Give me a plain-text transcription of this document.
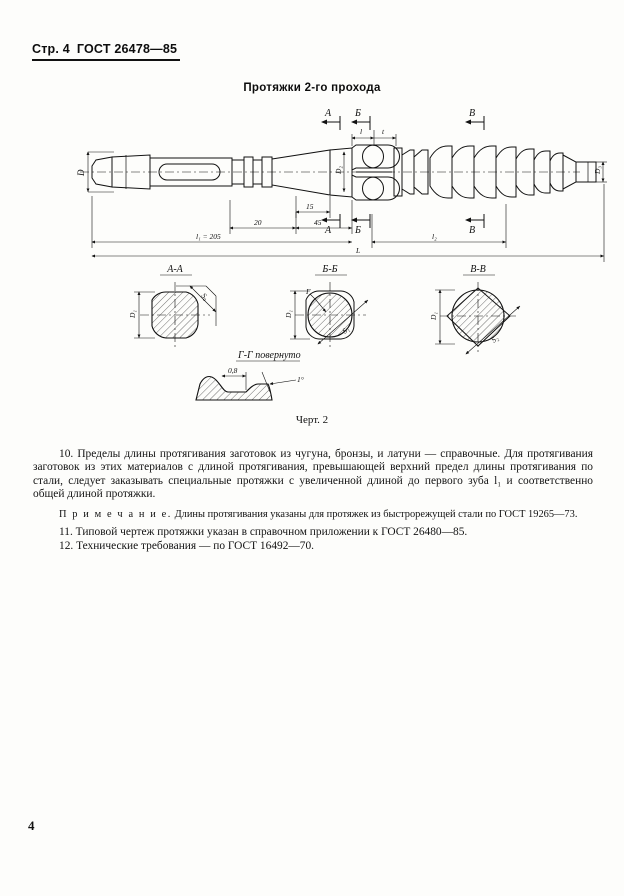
Стр. 4 ГОСТ 26478—85
Протяжки 2-го прохода
D	D₂	D₃
А
А
Б
Б
В
В
l	t
15
20	45
l₁ = 205	l₂
L
А-А
S₀
D₁
Б-Б
Г
S₁
D₁
В-В
S₂
D₁
Г-Г повернуто
0,8
1°
Черт. 2

10. Пределы длины протягивания заготовок из чугуна, бронзы, и латуни — справочные. Для протягивания заготовок из этих материалов с длиной протягивания, превышающей верхний предел длины протягивания по стали, следует заказывать специальные протяжки с увеличенной длиной до первого зуба l₁ и соответственно общей длиной протяжки.

П р и м е ч а н и е. Длины протягивания указаны для протяжек из быстрорежущей стали по ГОСТ 19265—73.

11. Типовой чертеж протяжки указан в справочном приложении к ГОСТ 26480—85.

12. Технические требования — по ГОСТ 16492—70.

4
